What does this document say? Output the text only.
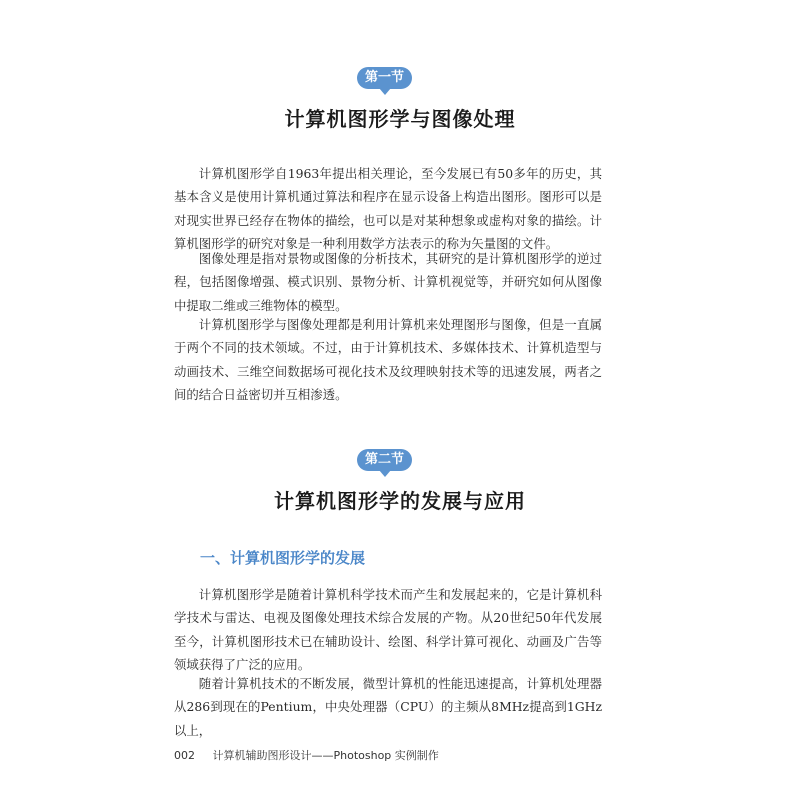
第一节
计算机图形学与图像处理

计算机图形学自1963年提出相关理论，至今发展已有50多年的历史，其基本含义是使用计算机通过算法和程序在显示设备上构造出图形。图形可以是对现实世界已经存在物体的描绘，也可以是对某种想象或虚构对象的描绘。计算机图形学的研究对象是一种利用数学方法表示的称为矢量图的文件。

图像处理是指对景物或图像的分析技术，其研究的是计算机图形学的逆过程，包括图像增强、模式识别、景物分析、计算机视觉等，并研究如何从图像中提取二维或三维物体的模型。

计算机图形学与图像处理都是利用计算机来处理图形与图像，但是一直属于两个不同的技术领域。不过，由于计算机技术、多媒体技术、计算机造型与动画技术、三维空间数据场可视化技术及纹理映射技术等的迅速发展，两者之间的结合日益密切并互相渗透。

第二节
计算机图形学的发展与应用
一、计算机图形学的发展

计算机图形学是随着计算机科学技术而产生和发展起来的，它是计算机科学技术与雷达、电视及图像处理技术综合发展的产物。从20世纪50年代发展至今，计算机图形技术已在辅助设计、绘图、科学计算可视化、动画及广告等领域获得了广泛的应用。

随着计算机技术的不断发展，微型计算机的性能迅速提高，计算机处理器从286到现在的Pentium，中央处理器（CPU）的主频从8MHz提高到1GHz以上，

002 计算机辅助图形设计——Photoshop 实例制作
